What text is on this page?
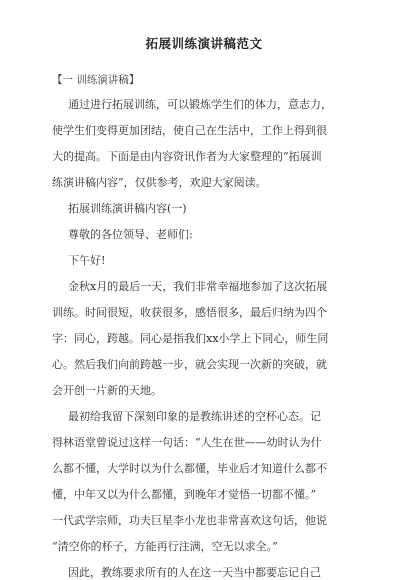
拓展训练演讲稿范文
【一 训练演讲稿】
通过进行拓展训练，可以锻炼学生们的体力，意志力，
使学生们变得更加团结，使自己在生活中，工作上得到很
大的提高。下面是由内容资讯作者为大家整理的“拓展训
练演讲稿内容”，仅供参考，欢迎大家阅读。
拓展训练演讲稿内容(一)
尊敬的各位领导、老师们:
下午好!
金秋x月的最后一天，我们非常幸福地参加了这次拓展
训练。时间很短，收获很多，感悟很多，最后归纳为四个
字：同心，跨越。同心是指我们xx小学上下同心，师生同
心。然后我们向前跨越一步，就会实现一次新的突破，就
会开创一片新的天地。
最初给我留下深刻印象的是教练讲述的空杯心态。记
得林语堂曾说过这样一句话：“人生在世——幼时认为什
么都不懂，大学时以为什么都懂，毕业后才知道什么都不
懂，中年又以为什么都懂，到晚年才觉悟一切都不懂。”
一代武学宗师，功夫巨星李小龙也非常喜欢这句话，他说
“清空你的杯子，方能再行注满，空无以求全。”
因此，教练要求所有的人在这一天当中都要忘记自己
